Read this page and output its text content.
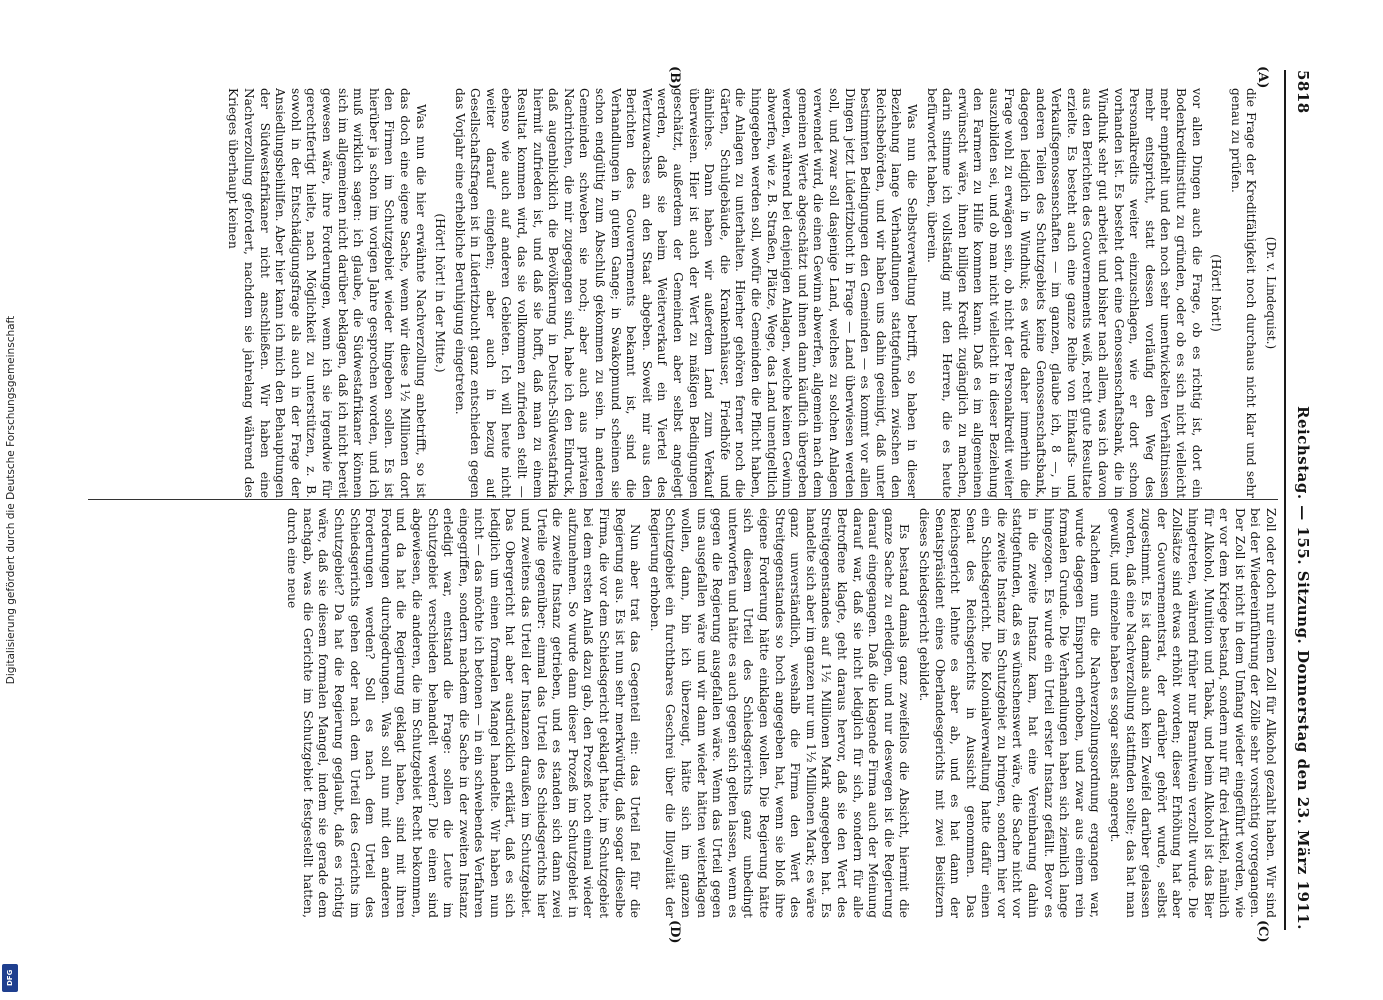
5818
Reichstag. — 155. Sitzung. Donnerstag den 23. März 1911.
(A)
(B)
(C)
(D)
(Dr. v. Lindequist.)

die Frage der Kreditfähigkeit noch durchaus nicht klar und sehr genau zu prüfen.

(Hört! hört!)

vor allen Dingen auch die Frage, ob es richtig ist, dort ein Bodenkreditinstitut zu gründen, oder ob es sich nicht vielleicht mehr empfiehlt und den noch sehr unentwickelten Verhältnissen mehr entspricht, statt dessen vorläufig den Weg des Personalkredits weiter einzuschlagen, wie er dort schon vorhanden ist. Es besteht dort eine Genossenschaftsbank, die in Windhuk sehr gut arbeitet und bisher nach allem, was ich davon aus den Berichten des Gouvernements weiß, recht gute Resultate erzielte. Es besteht auch eine ganze Reihe von Einkaufs- und Verkaufsgenossenschaften — im ganzen, glaube ich, 8 —, in anderen Teilen des Schutzgebiets keine Genossenschaftsbank, dagegen lediglich in Windhuk; es würde daher immerhin die Frage wohl zu erwägen sein, ob nicht der Personalkredit weiter auszubilden sei, und ob man nicht vielleicht in dieser Beziehung den Farmern zu Hilfe kommen kann. Daß es im allgemeinen erwünscht wäre, ihnen billigen Kredit zugänglich zu machen, darin stimme ich vollständig mit den Herren, die es heute befürwortet haben, überein.

Was nun die Selbstverwaltung betrifft, so haben in dieser Beziehung lange Verhandlungen stattgefunden zwischen den Reichsbehörden, und wir haben uns dahin geeinigt, daß unter bestimmten Bedingungen den Gemeinden — es kommt vor allen Dingen jetzt Lüderitzbucht in Frage — Land überwiesen werden soll, und zwar soll dasjenige Land, welches zu solchen Anlagen verwendet wird, die einen Gewinn abwerfen, allgemein nach dem gemeinen Werte abgeschätzt und ihnen dann käuflich übergeben werden, während bei denjenigen Anlagen, welche keinen Gewinn abwerfen, wie z. B. Straßen, Plätze, Wege, das Land unentgeltlich hingegeben werden soll, wofür die Gemeinden die Pflicht haben, die Anlagen zu unterhalten. Hierher gehören ferner noch die Gärten, Schulgebäude, die Krankenhäuser, Friedhöfe und ähnliches. Dann haben wir außerdem Land zum Verkauf überweisen. Hier ist auch der Wert zu mäßigen Bedingungen geschätzt, außerdem der Gemeinden aber selbst angelegt werden, daß sie beim Weiterverkauf ein Viertel des Wertzuwachses an den Staat abgeben. Soweit mir aus den Berichten des Gouvernements bekannt ist, sind die Verhandlungen in gutem Gange; in Swakopmund scheinen sie schon endgültig zum Abschluß gekommen zu sein. In anderen Gemeinden schweben sie noch; aber auch aus privaten Nachrichten, die mir zugegangen sind, habe ich den Eindruck, daß augenblicklich die Bevölkerung in Deutsch-Südwestafrika hiermit zufrieden ist, und daß sie hofft, daß man zu einem Resultat kommen wird, das sie vollkommen zufrieden stellt — ebenso wie auch auf anderen Gebieten. Ich will heute nicht weiter darauf eingehen; aber auch in bezug auf Gesellschaftsfragen ist in Lüderitzbucht ganz entschieden gegen das Vorjahr eine erhebliche Beruhigung eingetreten.

(Hört! hört! in der Mitte.)

Was nun die hier erwähnte Nachverzollung anbetrifft, so ist das doch eine eigene Sache, wenn wir diese 1½ Millionen dort den Firmen im Schutzgebiet wieder hingeben sollen. Es ist hierüber ja schon im vorigen Jahre gesprochen worden, und ich muß wirklich sagen: ich glaube, die Südwestafrikaner können sich im allgemeinen nicht darüber beklagen, daß ich nicht bereit gewesen wäre, ihre Forderungen, wenn ich sie irgendwie für gerechtfertigt hielte, nach Möglichkeit zu unterstützen, z. B. sowohl in der Entschädigungsfrage als auch in der Frage der Ansiedlungsbeihilfen. Aber hier kann ich mich den Behauptungen der Südwestafrikaner nicht anschließen. Wir haben eine Nachverzollung gefordert, nachdem sie jahrelang während des Krieges überhaupt keinen

Zoll oder doch nur einen Zoll für Alkohol gezahlt haben. Wir sind bei der Wiedereinführung der Zölle sehr vorsichtig vorgegangen. Der Zoll ist nicht in dem Umfang wieder eingeführt worden, wie er vor dem Kriege bestand, sondern nur für drei Artikel, nämlich für Alkohol, Munition und Tabak, und beim Alkohol ist das Bier hingetreten, während früher nur Branntwein verzollt wurde. Die Zollsätze sind etwas erhöht worden; dieser Erhöhung hat aber der Gouvernementsrat, der darüber gehört wurde, selbst zugestimmt. Es ist damals auch kein Zweifel darüber gelassen worden, daß eine Nachverzollung stattfinden sollte; das hat man gewußt, und einzelne haben es sogar selbst angeregt.

Nachdem nun die Nachverzollungsordnung ergangen war, wurde dagegen Einspruch erhoben, und zwar aus einem rein formalen Grunde. Die Verhandlungen haben sich ziemlich lange hingezogen. Es wurde ein Urteil erster Instanz gefällt. Bevor es in die zweite Instanz kam, hat eine Vereinbarung dahin stattgefunden, daß es wünschenswert wäre, die Sache nicht vor die zweite Instanz im Schutzgebiet zu bringen, sondern hier vor ein Schiedsgericht. Die Kolonialverwaltung hatte dafür einen Senat des Reichsgerichts in Aussicht genommen. Das Reichsgericht lehnte es aber ab, und es hat dann der Senatspräsident eines Oberlandesgerichts mit zwei Beisitzern dieses Schiedsgericht gebildet.

Es bestand damals ganz zweifellos die Absicht, hiermit die ganze Sache zu erledigen, und nur deswegen ist die Regierung darauf eingegangen. Daß die klagende Firma auch der Meinung darauf war, daß sie nicht lediglich für sich, sondern für alle Betroffene klagte, geht daraus hervor, daß sie den Wert des Streitgegenstandes auf 1½ Millionen Mark angegeben hat. Es handelte sich aber im ganzen nur um 1½ Millionen Mark; es wäre ganz unverständlich, weshalb die Firma den Wert des Streitgegenstandes so hoch angegeben hat, wenn sie bloß ihre eigene Forderung hätte einklagen wollen. Die Regierung hätte sich diesem Urteil des Schiedsgerichts ganz unbedingt unterworfen und hätte es auch gegen sich gelten lassen, wenn es gegen die Regierung ausgefallen wäre. Wenn das Urteil gegen uns ausgefallen wäre und wir dann wieder hätten weiterklagen wollen, dann, bin ich überzeugt, hätte sich im ganzen Schutzgebiet ein furchtbares Geschrei über die Illoyalität der Regierung erhoben.

Nun aber trat das Gegenteil ein: das Urteil fiel für die Regierung aus. Es ist nun sehr merkwürdig, daß sogar dieselbe Firma, die vor dem Schiedsgericht geklagt hatte, im Schutzgebiet bei dem ersten Anlaß dazu gab, den Prozeß noch einmal wieder aufzunehmen. So wurde dann dieser Prozeß im Schutzgebiet in die zweite Instanz getrieben, und es standen sich dann zwei Urteile gegenüber: einmal das Urteil des Schiedsgerichts hier und zweitens das Urteil der Instanzen draußen im Schutzgebiet. Das Obergericht hat aber ausdrücklich erklärt, daß es sich lediglich um einen formalen Mangel handelte. Wir haben nun nicht — das möchte ich betonen — in ein schwebendes Verfahren eingegriffen, sondern nachdem die Sache in der zweiten Instanz erledigt war, entstand die Frage: sollen die Leute im Schutzgebiet verschieden behandelt werden? Die einen sind abgewiesen, die anderen, die im Schutzgebiet Recht bekommen, und da hat die Regierung geklagt haben, sind mit ihren Forderungen durchgedrungen. Was soll nun mit den anderen Forderungen werden? Soll es nach dem Urteil des Schiedsgerichts gehen oder nach dem Urteil des Gerichts im Schutzgebiet? Da hat die Regierung geglaubt, daß es richtig wäre, daß sie diesem formalen Mangel, indem sie gerade dem nachgab, was die Gerichte im Schutzgebiet festgestellt hatten, durch eine neue

Digitalisierung gefördert durch die Deutsche Forschungsgemeinschaft
DFG
